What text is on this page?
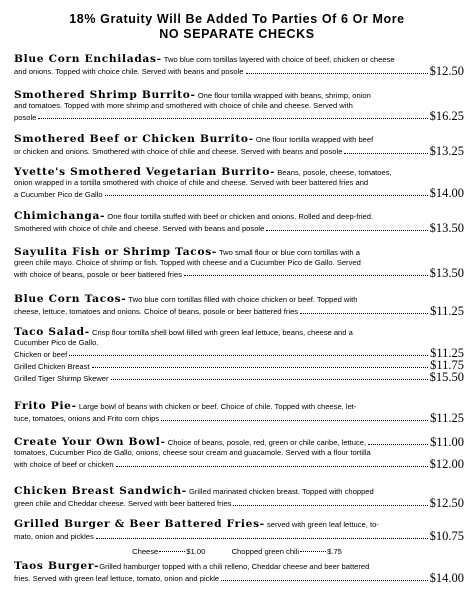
18% Gratuity Will Be Added To Parties Of 6 Or More
NO SEPARATE CHECKS
Blue Corn Enchiladas- Two blue corn tortillas layered with choice of beef, chicken or cheese
and onions. Topped with choice chile. Served with beans and posole	$12.50
Smothered Shrimp Burrito- One flour tortilla wrapped with beans, shrimp, onion
and tomatoes. Topped with more shrimp and smothered with choice of chile and cheese. Served with
posole	$16.25
Smothered Beef or Chicken Burrito- One flour tortilla wrapped with beef
or chicken and onions. Smothered with choice of chile and cheese. Served with beans and posole	$13.25
Yvette's Smothered Vegetarian Burrito- Beans, posole, cheese, tomatoes,
onion wrapped in a tortilla smothered with choice of chile and cheese. Served with beer battered fries and
a Cucumber Pico de Gallo	$14.00
Chimichanga- One flour tortilla stuffed with beef or chicken and onions. Rolled and deep-fried.
Smothered with choice of chile and cheese. Served with beans and posole	$13.50
Sayulita Fish or Shrimp Tacos- Two small flour or blue corn tortillas with a
green chile mayo. Choice of shrimp or fish. Topped with cheese and a Cucumber Pico de Gallo. Served
with choice of beans, posole or beer battered fries	$13.50
Blue Corn Tacos- Two blue corn tortillas filled with choice chicken or beef. Topped with
cheese, lettuce, tomatoes and onions. Choice of beans, posole or beer battered fries	$11.25
Taco Salad- Crisp flour tortilla shell bowl filled with green leaf lettuce, beans, cheese and a
Cucumber Pico de Gallo.
Chicken or beef	$11.25
Grilled Chicken Breast	$11.75
Grilled Tiger Shirmp Skewer	$15.50
Frito Pie- Large bowl of beans with chicken or beef. Choice of chile. Topped with cheese, let-
tuce, tomatoes, onions and Frito corn chips	$11.25
Create Your Own Bowl- Choice of beans, posole, red, green or chile caribe, lettuce,	$11.00
tomatoes, Cucumber Pico de Gallo, onions, cheese sour cream and guacamole. Served with a flour tortilla
with choice of beef or chicken	$12.00
Chicken Breast Sandwich- Grilled marinated chicken breast. Topped with chopped
green chile and Cheddar cheese. Served with beer battered fries	$12.50
Grilled Burger & Beer Battered Fries- served with green leaf lettuce, to-
mato, onion and pickles	$10.75
Cheese	$1.00	Chopped green chili	$.75
Taos Burger-Grilled hamburger topped with a chili relleno, Cheddar cheese and beer battered
fries. Served with green leaf lettuce, tomato, onion and pickle	$14.00
